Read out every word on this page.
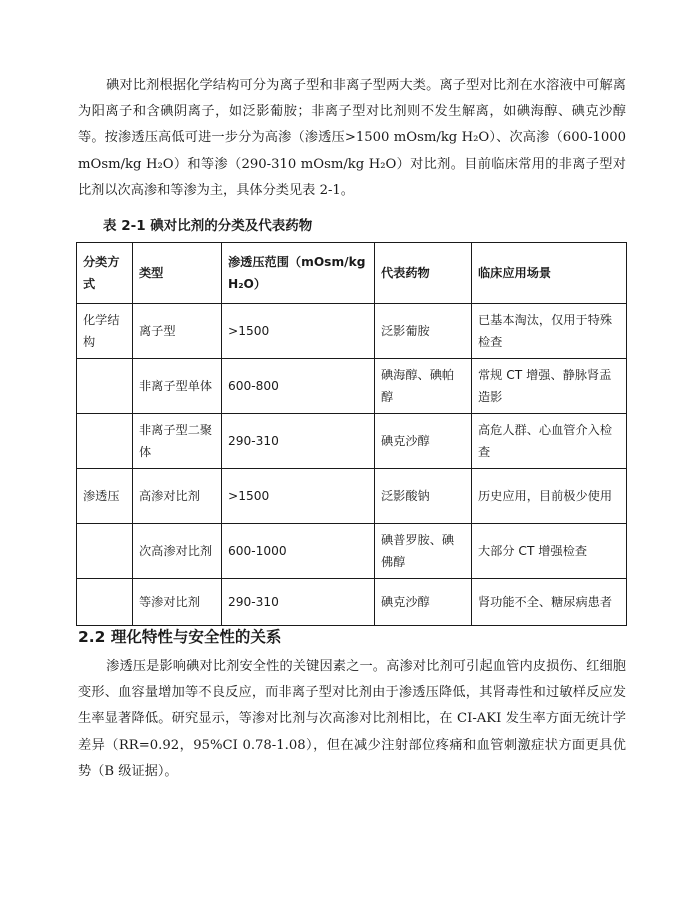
碘对比剂根据化学结构可分为离子型和非离子型两大类。离子型对比剂在水溶液中可解离为阳离子和含碘阴离子，如泛影葡胺；非离子型对比剂则不发生解离，如碘海醇、碘克沙醇等。按渗透压高低可进一步分为高渗（渗透压>1500 mOsm/kg H₂O）、次高渗（600-1000 mOsm/kg H₂O）和等渗（290-310 mOsm/kg H₂O）对比剂。目前临床常用的非离子型对比剂以次高渗和等渗为主，具体分类见表 2-1。

表 2-1 碘对比剂的分类及代表药物

分类方式	类型	渗透压范围（mOsm/kg H₂O）	代表药物	临床应用场景
化学结构	离子型	>1500	泛影葡胺	已基本淘汰，仅用于特殊检查
	非离子型单体	600-800	碘海醇、碘帕醇	常规 CT 增强、静脉肾盂造影
	非离子型二聚体	290-310	碘克沙醇	高危人群、心血管介入检查
渗透压	高渗对比剂	>1500	泛影酸钠	历史应用，目前极少使用
	次高渗对比剂	600-1000	碘普罗胺、碘佛醇	大部分 CT 增强检查
	等渗对比剂	290-310	碘克沙醇	肾功能不全、糖尿病患者
2.2 理化特性与安全性的关系

渗透压是影响碘对比剂安全性的关键因素之一。高渗对比剂可引起血管内皮损伤、红细胞变形、血容量增加等不良反应，而非离子型对比剂由于渗透压降低，其肾毒性和过敏样反应发生率显著降低。研究显示，等渗对比剂与次高渗对比剂相比，在 CI-AKI 发生率方面无统计学差异（RR=0.92，95%CI 0.78-1.08），但在减少注射部位疼痛和血管刺激症状方面更具优势（B 级证据）。
